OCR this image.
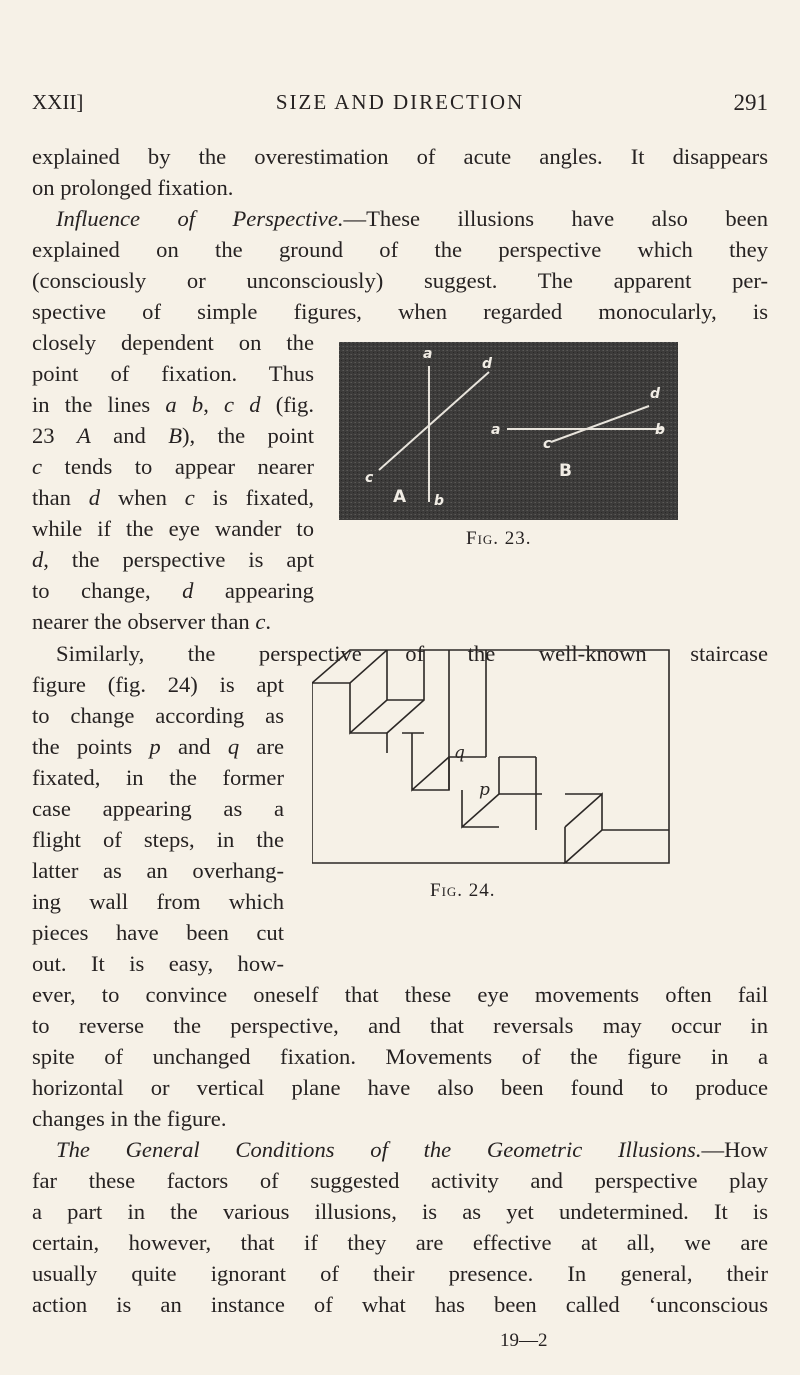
XXII]	SIZE AND DIRECTION	291
explained by the overestimation of acute angles. It disappears
on prolonged fixation.
Influence of Perspective.—These illusions have also been
explained on the ground of the perspective which they
(consciously or unconsciously) suggest. The apparent per-
spective of simple figures, when regarded monocularly, is
closely dependent on the
point of fixation. Thus
in the lines a b, c d (fig.
23 A and B), the point
c tends to appear nearer
than d when c is fixated,
while if the eye wander to
d, the perspective is apt
to change, d appearing
nearer the observer than c.
a
d
d
a	b
c
c
b
A
B
Fig. 23.
Similarly, the perspective of the well-known staircase
figure (fig. 24) is apt
to change according as
the points p and q are
fixated, in the former
case appearing as a
flight of steps, in the
latter as an overhang-
ing wall from which
pieces have been cut
out. It is easy, how-
ever, to convince oneself that these eye movements often fail
to reverse the perspective, and that reversals may occur in
spite of unchanged fixation. Movements of the figure in a
horizontal or vertical plane have also been found to produce
changes in the figure.
q
p
Fig. 24.
The General Conditions of the Geometric Illusions.—How
far these factors of suggested activity and perspective play
a part in the various illusions, is as yet undetermined. It is
certain, however, that if they are effective at all, we are
usually quite ignorant of their presence. In general, their
action is an instance of what has been called ‘unconscious
19—2
